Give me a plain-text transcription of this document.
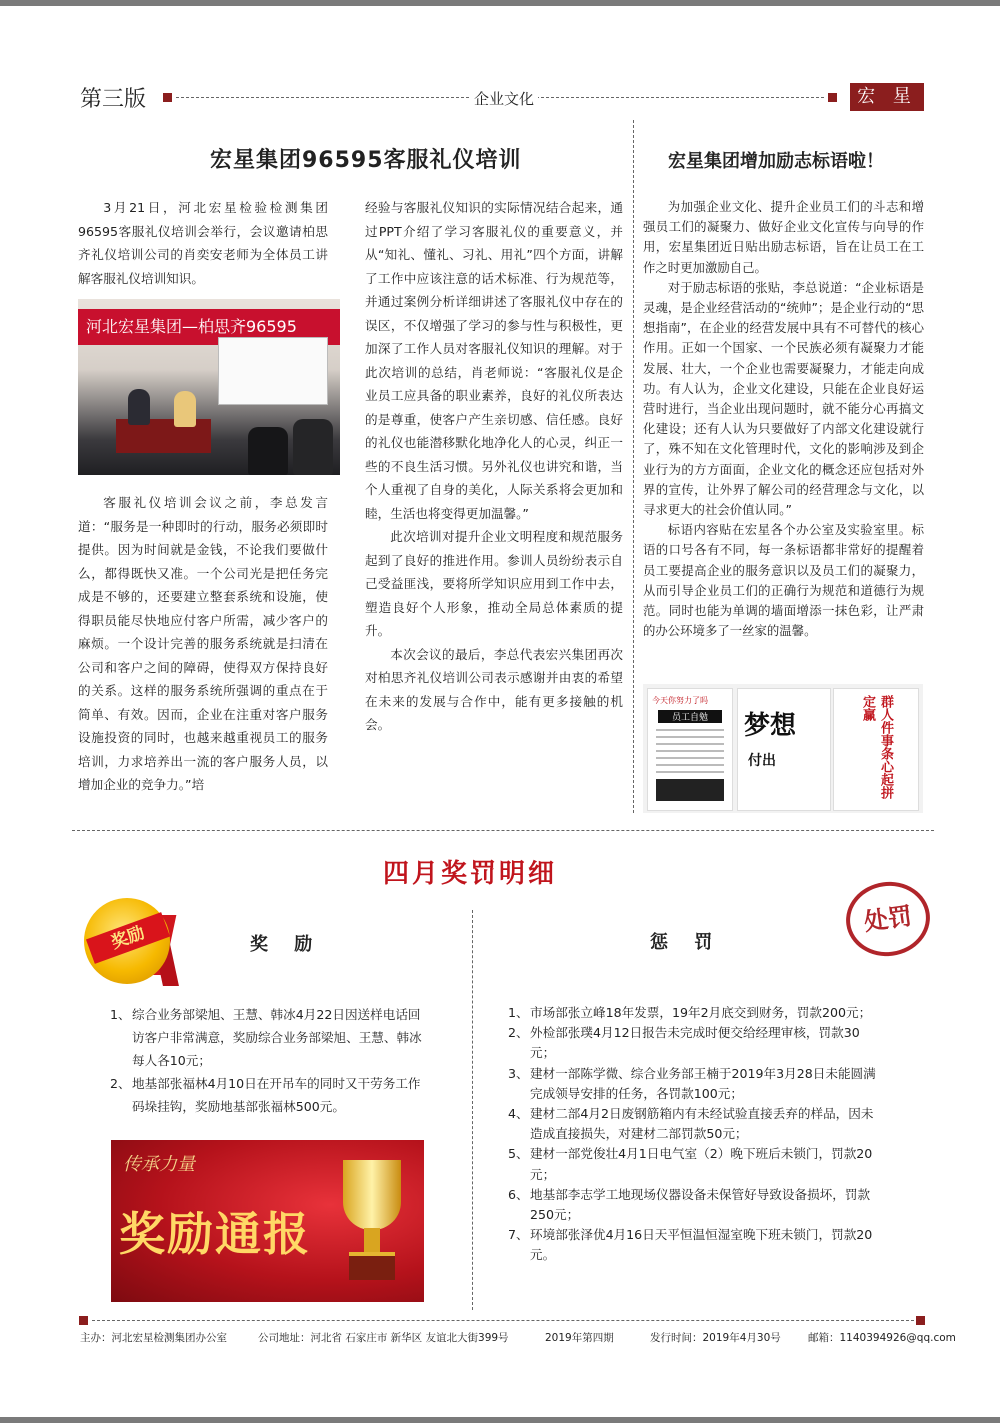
第三版	企业文化	宏 星
宏星集团96595客服礼仪培训

3月21日，河北宏星检验检测集团96595客服礼仪培训会举行，会议邀请柏思齐礼仪培训公司的肖奕安老师为全体员工讲解客服礼仪培训知识。

河北宏星集团—柏思齐96595

客服礼仪培训会议之前，李总发言道：“服务是一种即时的行动，服务必须即时提供。因为时间就是金钱，不论我们要做什么，都得既快又准。一个公司光是把任务完成是不够的，还要建立整套系统和设施，使得职员能尽快地应付客户所需，减少客户的麻烦。一个设计完善的服务系统就是扫清在公司和客户之间的障碍，使得双方保持良好的关系。这样的服务系统所强调的重点在于简单、有效。因而，企业在注重对客户服务设施投资的同时，也越来越重视员工的服务培训，力求培养出一流的客户服务人员，以增加企业的竞争力。”培

经验与客服礼仪知识的实际情况结合起来，通过PPT介绍了学习客服礼仪的重要意义，并从“知礼、懂礼、习礼、用礼”四个方面，讲解了工作中应该注意的话术标准、行为规范等，并通过案例分析详细讲述了客服礼仪中存在的误区，不仅增强了学习的参与性与积极性，更加深了工作人员对客服礼仪知识的理解。对于此次培训的总结，肖老师说：“客服礼仪是企业员工应具备的职业素养，良好的礼仪所表达的是尊重，使客户产生亲切感、信任感。良好的礼仪也能潜移默化地净化人的心灵，纠正一些的不良生活习惯。另外礼仪也讲究和谐，当个人重视了自身的美化，人际关系将会更加和睦，生活也将变得更加温馨。”

此次培训对提升企业文明程度和规范服务起到了良好的推进作用。参训人员纷纷表示自己受益匪浅，要将所学知识应用到工作中去，塑造良好个人形象，推动全局总体素质的提升。

本次会议的最后，李总代表宏兴集团再次对柏思齐礼仪培训公司表示感谢并由衷的希望在未来的发展与合作中，能有更多接触的机会。

宏星集团增加励志标语啦！

为加强企业文化、提升企业员工们的斗志和增强员工们的凝聚力、做好企业文化宣传与向导的作用，宏星集团近日贴出励志标语，旨在让员工在工作之时更加激励自己。

对于励志标语的张贴，李总说道：“企业标语是灵魂，是企业经营活动的“统帅”；是企业行动的“思想指南”，在企业的经营发展中具有不可替代的核心作用。正如一个国家、一个民族必须有凝聚力才能发展、壮大，一个企业也需要凝聚力，才能走向成功。有人认为，企业文化建设，只能在企业良好运营时进行，当企业出现问题时，就不能分心再搞文化建设；还有人认为只要做好了内部文化建设就行了，殊不知在文化管理时代，文化的影响涉及到企业行为的方方面面，企业文化的概念还应包括对外界的宣传，让外界了解公司的经营理念与文化，以寻求更大的社会价值认同。”

标语内容贴在宏星各个办公室及实验室里。标语的口号各有不同，每一条标语都非常好的提醒着员工要提高企业的服务意识以及员工们的凝聚力，从而引导企业员工们的正确行为规范和道德行为规范。同时也能为单调的墙面增添一抹色彩，让严肃的办公环境多了一丝家的温馨。

今天你努力了吗
员工自勉	梦想
付出	群人件事条心起拼定赢
四月奖罚明细
奖励	奖 励	惩 罚
处罚
1、 综合业务部梁旭、王慧、韩冰4月22日因送样电话回访客户非常满意，奖励综合业务部梁旭、王慧、韩冰每人各10元；
2、 地基部张福林4月10日在开吊车的同时又干劳务工作码垛挂钩，奖励地基部张福林500元。
1、 市场部张立峰18年发票，19年2月底交到财务，罚款200元；
2、 外检部张璞4月12日报告未完成时便交给经理审核，罚款30元；
3、 建材一部陈学微、综合业务部王楠于2019年3月28日未能圆满完成领导安排的任务，各罚款100元；
4、 建材二部4月2日废钢筋箱内有未经试验直接丢弃的样品，因未造成直接损失，对建材二部罚款50元；
5、 建材一部党俊壮4月1日电气室（2）晚下班后未锁门，罚款20元；
6、 地基部李志学工地现场仪器设备未保管好导致设备损坏，罚款250元；
7、 环境部张泽优4月16日天平恒温恒湿室晚下班未锁门，罚款20元。
传承力量
奖励通报
主办：河北宏星检测集团办公室	公司地址：河北省 石家庄市 新华区 友谊北大街399号	2019年第四期	发行时间：2019年4月30号	邮箱：1140394926@qq.com
